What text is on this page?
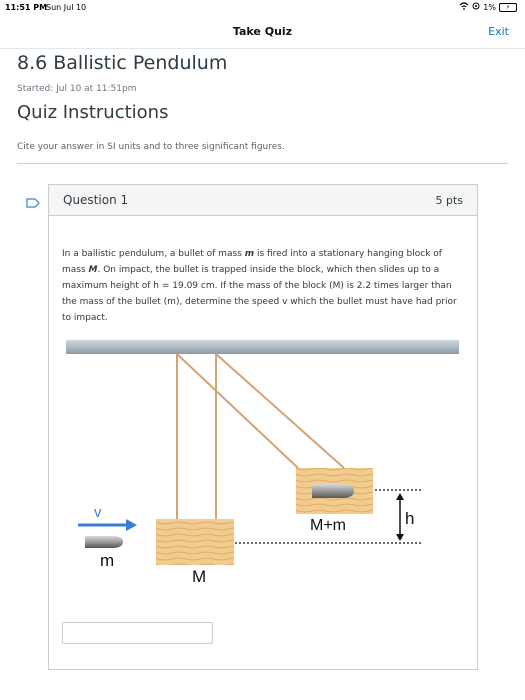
11:51 PM
Sun Jul 10	1%	⚡
Take Quiz	Exit
8.6 Ballistic Pendulum
Started: Jul 10 at 11:51pm
Quiz Instructions
Cite your answer in SI units and to three significant figures.
Question 1	5 pts
In a ballistic pendulum, a bullet of mass m is fired into a stationary hanging block of mass M. On impact, the bullet is trapped inside the block, which then slides up to a maximum height of h = 19.09 cm. If the mass of the block (M) is 2.2 times larger than the mass of the bullet (m), determine the speed v which the bullet must have had prior to impact.
v
m
M
M+m	h
